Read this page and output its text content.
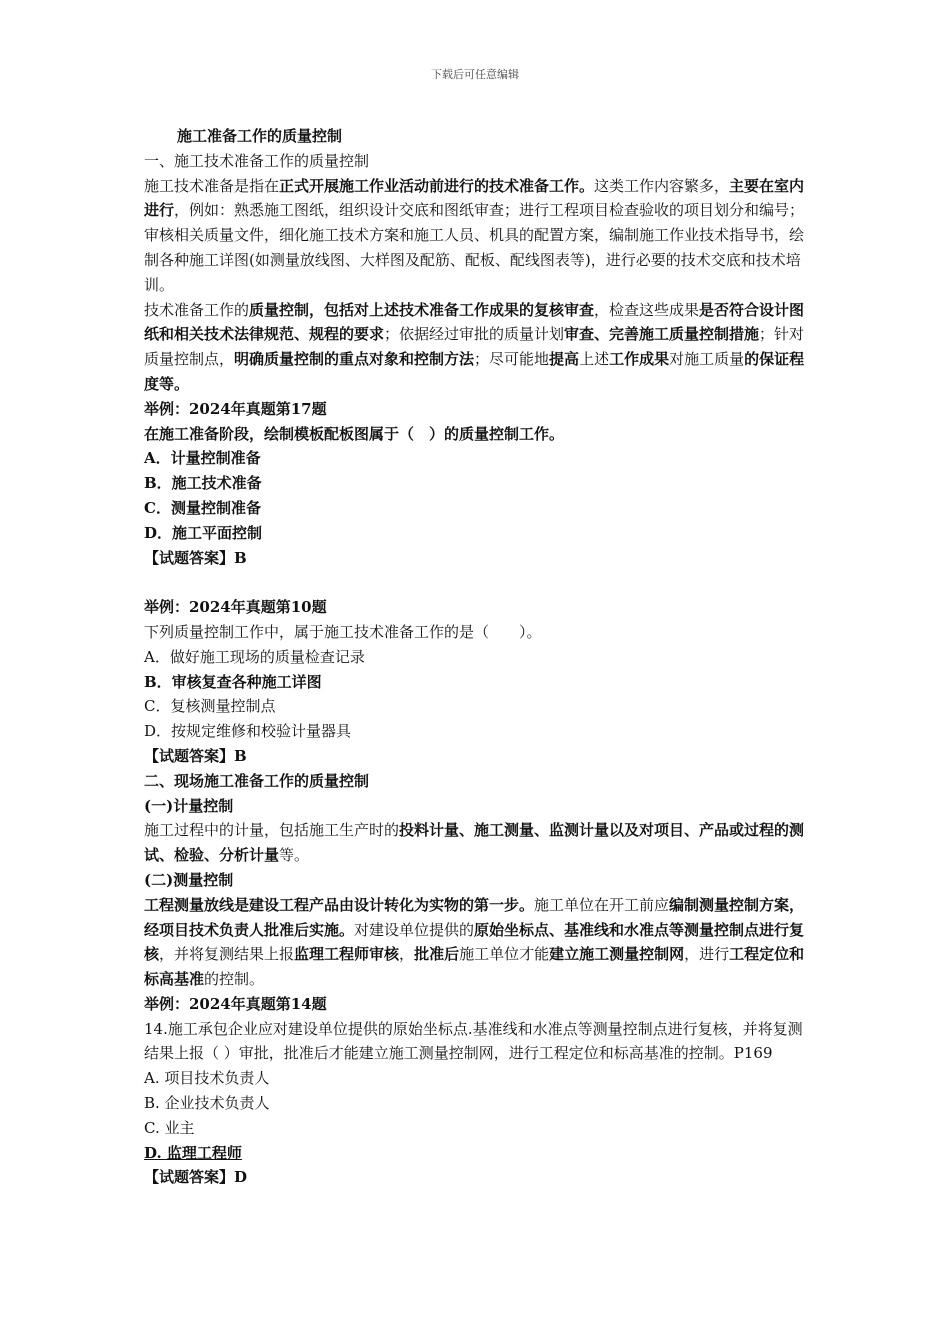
下载后可任意编辑

施工准备工作的质量控制

一、施工技术准备工作的质量控制

施工技术准备是指在正式开展施工作业活动前进行的技术准备工作。这类工作内容繁多，主要在室内进行，例如：熟悉施工图纸，组织设计交底和图纸审查；进行工程项目检查验收的项目划分和编号；审核相关质量文件，细化施工技术方案和施工人员、机具的配置方案，编制施工作业技术指导书，绘制各种施工详图(如测量放线图、大样图及配筋、配板、配线图表等)，进行必要的技术交底和技术培训。

技术准备工作的质量控制，包括对上述技术准备工作成果的复核审查，检查这些成果是否符合设计图纸和相关技术法律规范、规程的要求；依据经过审批的质量计划审查、完善施工质量控制措施；针对质量控制点，明确质量控制的重点对象和控制方法；尽可能地提高上述工作成果对施工质量的保证程度等。

举例：2024年真题第17题

在施工准备阶段，绘制模板配板图属于（　）的质量控制工作。

A．计量控制准备

B．施工技术准备

C．测量控制准备

D．施工平面控制

【试题答案】B

举例：2024年真题第10题

下列质量控制工作中，属于施工技术准备工作的是（　　）。

A．做好施工现场的质量检查记录

B．审核复查各种施工详图

C．复核测量控制点

D．按规定维修和校验计量器具

【试题答案】B

二、现场施工准备工作的质量控制

(一)计量控制

施工过程中的计量，包括施工生产时的投料计量、施工测量、监测计量以及对项目、产品或过程的测试、检验、分析计量等。

(二)测量控制

工程测量放线是建设工程产品由设计转化为实物的第一步。施工单位在开工前应编制测量控制方案，经项目技术负责人批准后实施。对建设单位提供的原始坐标点、基准线和水准点等测量控制点进行复核，并将复测结果上报监理工程师审核，批准后施工单位才能建立施工测量控制网，进行工程定位和标高基准的控制。

举例：2024年真题第14题

14.施工承包企业应对建设单位提供的原始坐标点.基准线和水准点等测量控制点进行复核，并将复测结果上报（ ）审批，批准后才能建立施工测量控制网，进行工程定位和标高基准的控制。P169

A. 项目技术负责人

B. 企业技术负责人

C. 业主

D. 监理工程师

【试题答案】D
